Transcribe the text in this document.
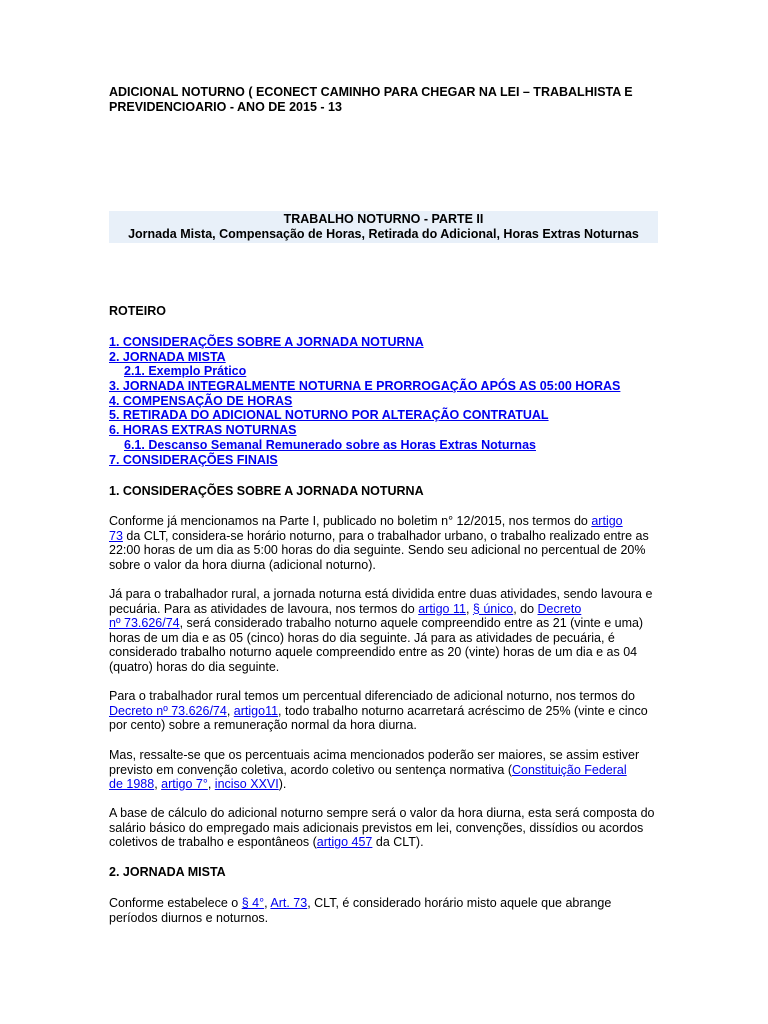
ADICIONAL NOTURNO ( ECONECT CAMINHO PARA CHEGAR NA LEI – TRABALHISTA E
PREVIDENCIOARIO - ANO DE 2015 - 13
TRABALHO NOTURNO - PARTE II
Jornada Mista, Compensação de Horas, Retirada do Adicional, Horas Extras Noturnas
ROTEIRO
1. CONSIDERAÇÕES SOBRE A JORNADA NOTURNA
2. JORNADA MISTA
2.1. Exemplo Prático
3. JORNADA INTEGRALMENTE NOTURNA E PRORROGAÇÃO APÓS AS 05:00 HORAS
4. COMPENSAÇÃO DE HORAS
5. RETIRADA DO ADICIONAL NOTURNO POR ALTERAÇÃO CONTRATUAL
6. HORAS EXTRAS NOTURNAS
6.1. Descanso Semanal Remunerado sobre as Horas Extras Noturnas
7. CONSIDERAÇÕES FINAIS
1. CONSIDERAÇÕES SOBRE A JORNADA NOTURNA

Conforme já mencionamos na Parte I, publicado no boletim n° 12/2015, nos termos do artigo
73 da CLT, considera-se horário noturno, para o trabalhador urbano, o trabalho realizado entre as 22:00 horas de um dia as 5:00 horas do dia seguinte. Sendo seu adicional no percentual de 20% sobre o valor da hora diurna (adicional noturno).

Já para o trabalhador rural, a jornada noturna está dividida entre duas atividades, sendo lavoura e pecuária. Para as atividades de lavoura, nos termos do artigo 11, § único, do Decreto
nº 73.626/74, será considerado trabalho noturno aquele compreendido entre as 21 (vinte e uma) horas de um dia e as 05 (cinco) horas do dia seguinte. Já para as atividades de pecuária, é considerado trabalho noturno aquele compreendido entre as 20 (vinte) horas de um dia e as 04 (quatro) horas do dia seguinte.

Para o trabalhador rural temos um percentual diferenciado de adicional noturno, nos termos do Decreto nº 73.626/74, artigo11, todo trabalho noturno acarretará acréscimo de 25% (vinte e cinco por cento) sobre a remuneração normal da hora diurna.

Mas, ressalte-se que os percentuais acima mencionados poderão ser maiores, se assim estiver previsto em convenção coletiva, acordo coletivo ou sentença normativa (Constituição Federal
de 1988, artigo 7°, inciso XXVI).

A base de cálculo do adicional noturno sempre será o valor da hora diurna, esta será composta do salário básico do empregado mais adicionais previstos em lei, convenções, dissídios ou acordos coletivos de trabalho e espontâneos (artigo 457 da CLT).

2. JORNADA MISTA

Conforme estabelece o § 4°, Art. 73, CLT, é considerado horário misto aquele que abrange períodos diurnos e noturnos.
